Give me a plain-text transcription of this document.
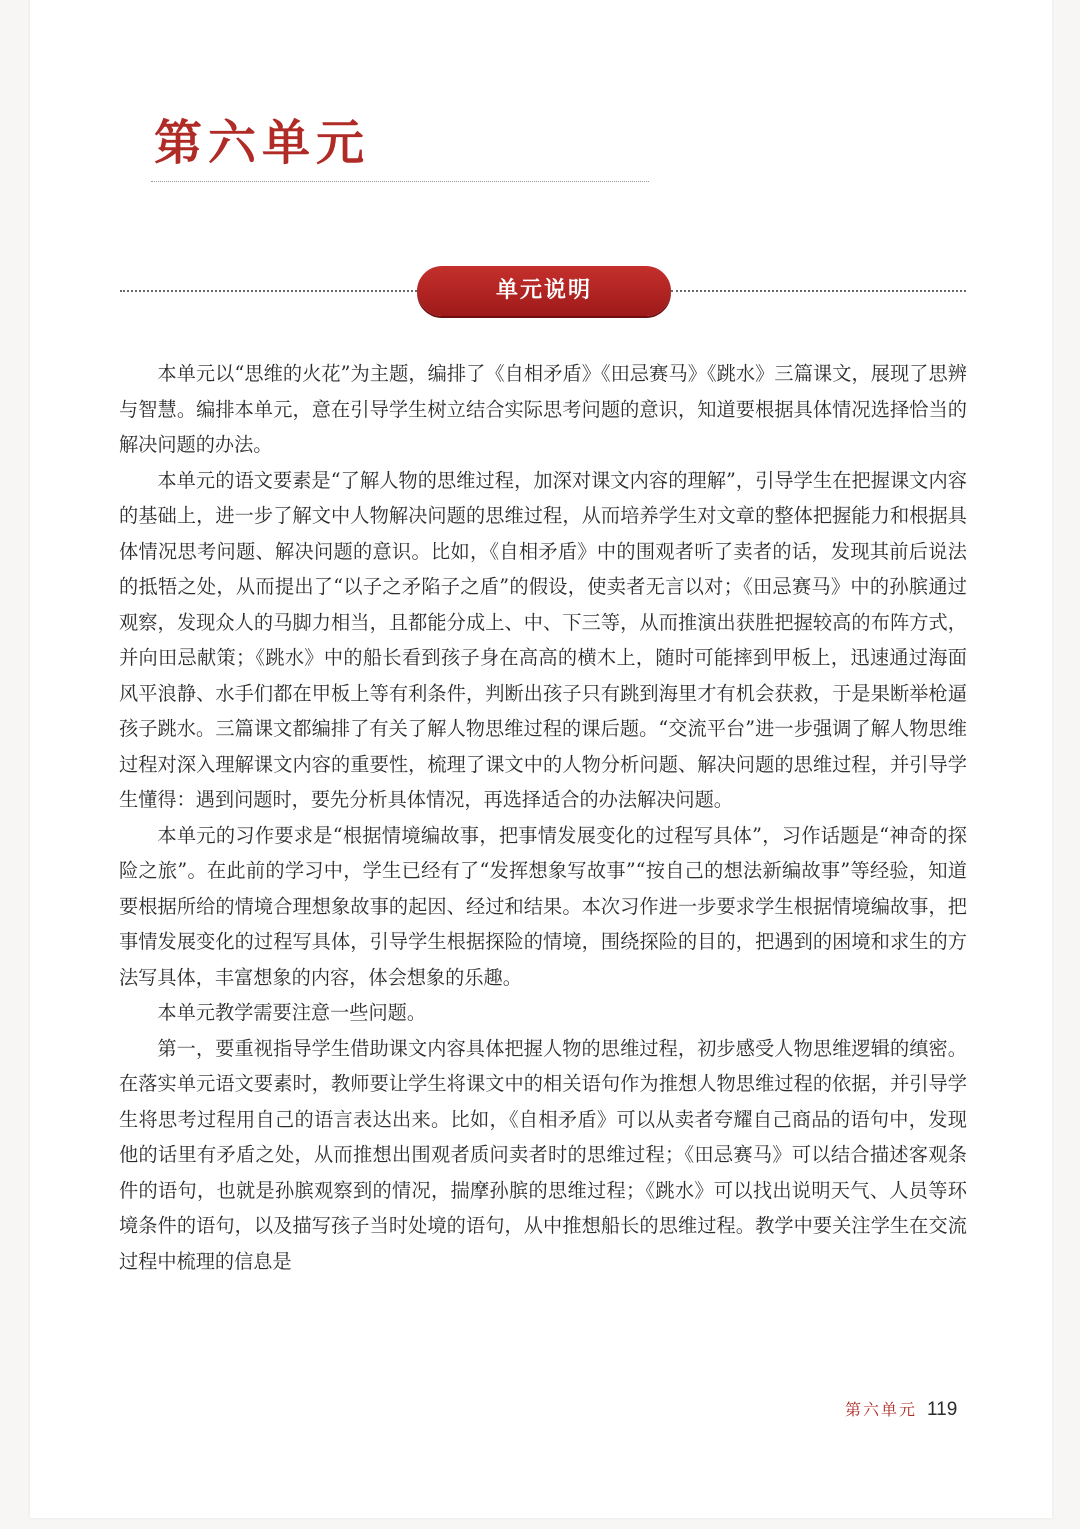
第六单元
单元说明

本单元以“思维的火花”为主题，编排了《自相矛盾》《田忌赛马》《跳水》三篇课文，展现了思辨与智慧。编排本单元，意在引导学生树立结合实际思考问题的意识，知道要根据具体情况选择恰当的解决问题的办法。

本单元的语文要素是“了解人物的思维过程，加深对课文内容的理解”，引导学生在把握课文内容的基础上，进一步了解文中人物解决问题的思维过程，从而培养学生对文章的整体把握能力和根据具体情况思考问题、解决问题的意识。比如，《自相矛盾》中的围观者听了卖者的话，发现其前后说法的抵牾之处，从而提出了“以子之矛陷子之盾”的假设，使卖者无言以对；《田忌赛马》中的孙膑通过观察，发现众人的马脚力相当，且都能分成上、中、下三等，从而推演出获胜把握较高的布阵方式，并向田忌献策；《跳水》中的船长看到孩子身在高高的横木上，随时可能摔到甲板上，迅速通过海面风平浪静、水手们都在甲板上等有利条件，判断出孩子只有跳到海里才有机会获救，于是果断举枪逼孩子跳水。三篇课文都编排了有关了解人物思维过程的课后题。“交流平台”进一步强调了解人物思维过程对深入理解课文内容的重要性，梳理了课文中的人物分析问题、解决问题的思维过程，并引导学生懂得：遇到问题时，要先分析具体情况，再选择适合的办法解决问题。

本单元的习作要求是“根据情境编故事，把事情发展变化的过程写具体”，习作话题是“神奇的探险之旅”。在此前的学习中，学生已经有了“发挥想象写故事”“按自己的想法新编故事”等经验，知道要根据所给的情境合理想象故事的起因、经过和结果。本次习作进一步要求学生根据情境编故事，把事情发展变化的过程写具体，引导学生根据探险的情境，围绕探险的目的，把遇到的困境和求生的方法写具体，丰富想象的内容，体会想象的乐趣。

本单元教学需要注意一些问题。

第一，要重视指导学生借助课文内容具体把握人物的思维过程，初步感受人物思维逻辑的缜密。在落实单元语文要素时，教师要让学生将课文中的相关语句作为推想人物思维过程的依据，并引导学生将思考过程用自己的语言表达出来。比如，《自相矛盾》可以从卖者夸耀自己商品的语句中，发现他的话里有矛盾之处，从而推想出围观者质问卖者时的思维过程；《田忌赛马》可以结合描述客观条件的语句，也就是孙膑观察到的情况，揣摩孙膑的思维过程；《跳水》可以找出说明天气、人员等环境条件的语句，以及描写孩子当时处境的语句，从中推想船长的思维过程。教学中要关注学生在交流过程中梳理的信息是

第六单元 119
